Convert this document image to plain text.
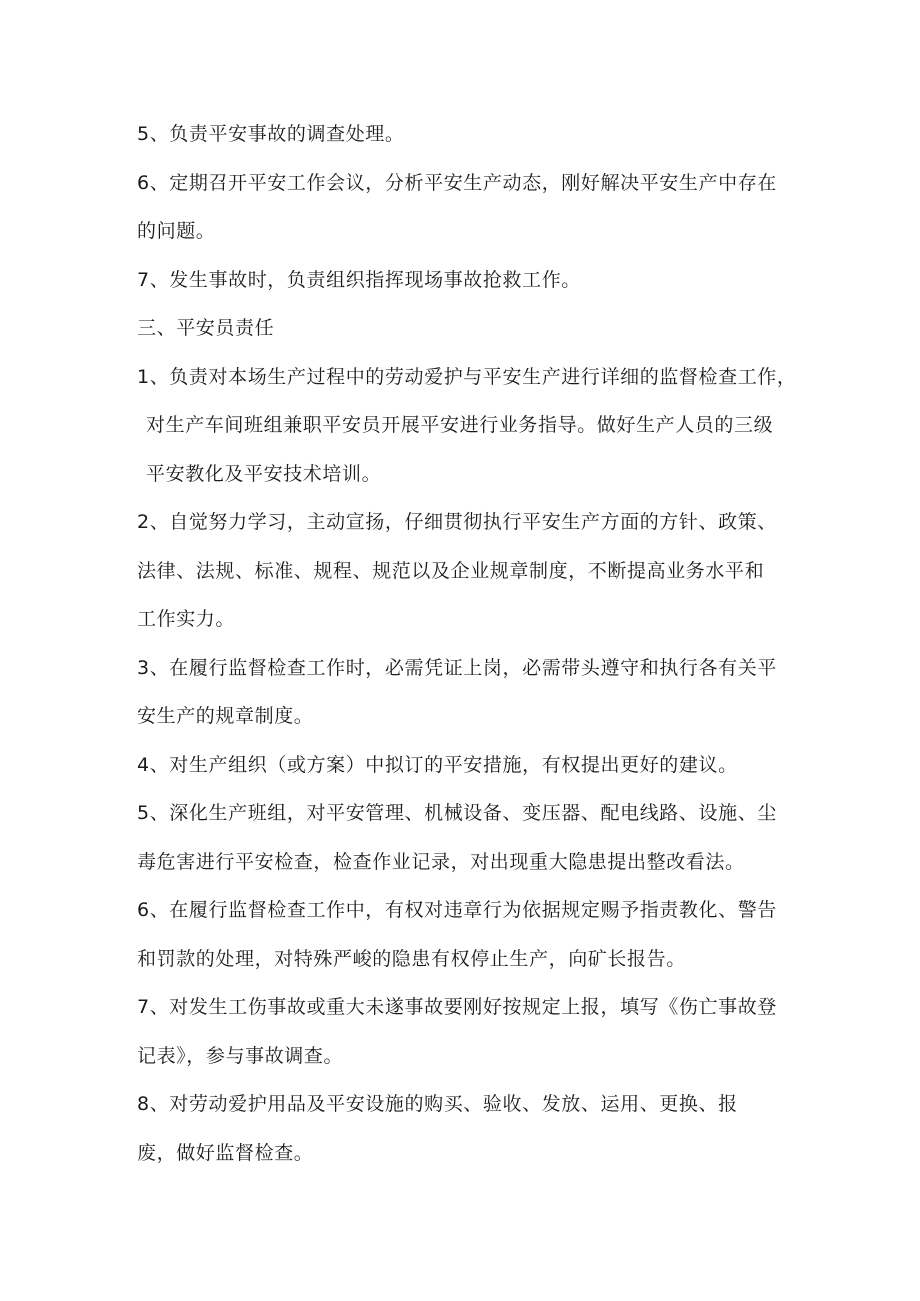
5、负责平安事故的调查处理。

6、定期召开平安工作会议，分析平安生产动态，刚好解决平安生产中存在
的问题。

7、发生事故时，负责组织指挥现场事故抢救工作。

三、平安员责任

1、负责对本场生产过程中的劳动爱护与平安生产进行详细的监督检查工作，
对生产车间班组兼职平安员开展平安进行业务指导。做好生产人员的三级
平安教化及平安技术培训。

2、自觉努力学习，主动宣扬，仔细贯彻执行平安生产方面的方针、政策、
法律、法规、标准、规程、规范以及企业规章制度，不断提高业务水平和
工作实力。

3、在履行监督检查工作时，必需凭证上岗，必需带头遵守和执行各有关平
安生产的规章制度。

4、对生产组织（或方案）中拟订的平安措施，有权提出更好的建议。

5、深化生产班组，对平安管理、机械设备、变压器、配电线路、设施、尘
毒危害进行平安检查，检查作业记录，对出现重大隐患提出整改看法。

6、在履行监督检查工作中，有权对违章行为依据规定赐予指责教化、警告
和罚款的处理，对特殊严峻的隐患有权停止生产，向矿长报告。

7、对发生工伤事故或重大未遂事故要刚好按规定上报，填写《伤亡事故登
记表》，参与事故调查。

8、对劳动爱护用品及平安设施的购买、验收、发放、运用、更换、报
废，做好监督检查。
